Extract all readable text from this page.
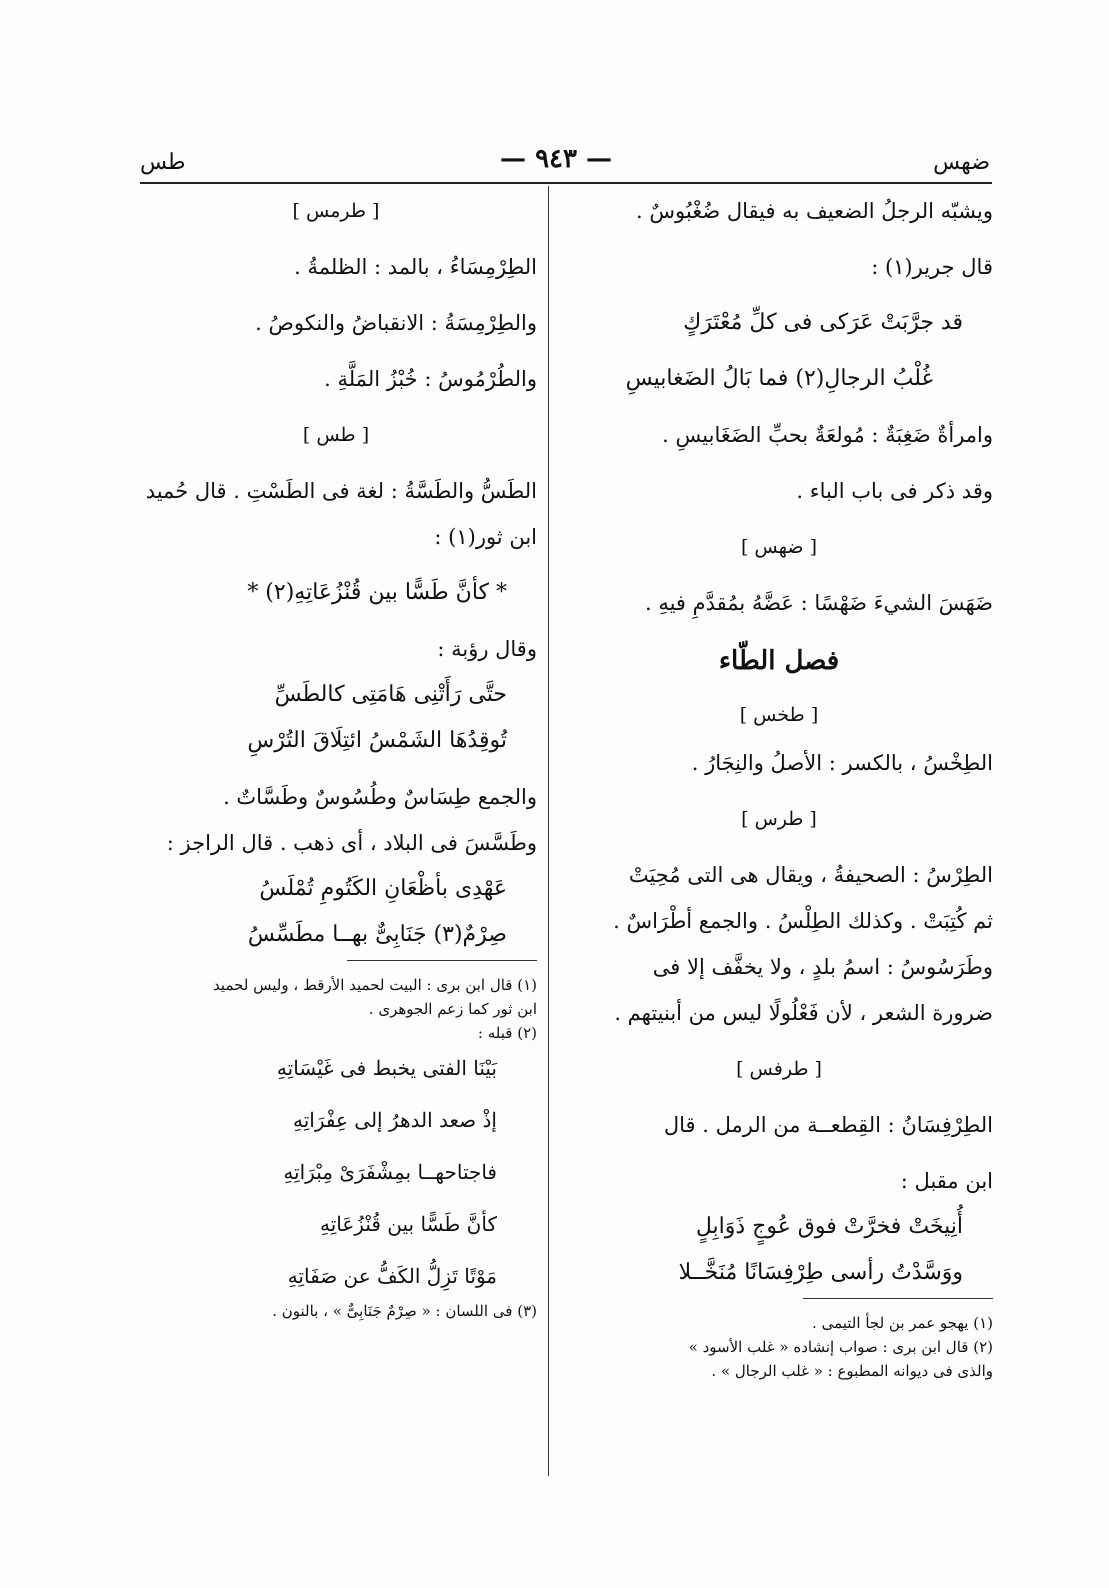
ضهس
— ٩٤٣ —
طس
ويشبّه الرجلُ الضعيف به فيقال ضُغْبُوسٌ .
قال جرير(١) :
قد جرَّبَتْ عَرَكى فى كلِّ مُعْتَرَكٍ
غُلْبُ الرجالِ(٢) فما بَالُ الضَغابيسِ
وامرأةٌ ضَغِبَةٌ : مُولعَةٌ بحبِّ الضَغَابيسِ .
وقد ذكر فى باب الباء .
[ ضهس ]
ضَهَسَ الشيءَ ضَهْسًا : عَضَّهُ بمُقدَّمِ فيهِ .
فصل الطّاء
[ طخس ]
الطِخْسُ ، بالكسر : الأصلُ والنِجَارُ .
[ طرس ]
الطِرْسُ : الصحيفةُ ، ويقال هى التى مُحِيَتْ
ثم كُتِبَتْ . وكذلك الطِلْسُ . والجمع أطْرَاسٌ .
وطَرَسُوسُ : اسمُ بلدٍ ، ولا يخفَّف إلا فى
ضرورة الشعر ، لأن فَعْلُولًا ليس من أبنيتهم .
[ طرفس ]
الطِرْفِسَانُ : القِطعــة من الرمل . قال
ابن مقبل :
أُنِيخَتْ فخرَّتْ فوق عُوجٍ ذَوَابِلٍ
ووَسَّدْتُ رأسى طِرْفِسَانًا مُنَخَّــلا
(١) يهجو عمر بن لجأ التيمى .
(٢) قال ابن برى : صواب إنشاده « غلب الأسود »
والذى فى ديوانه المطبوع : « غلب الرجال » .
[ طرمس ]
الطِرْمِسَاءُ ، بالمد : الظلمةُ .
والطِرْمِسَةُ : الانقباضُ والنكوصُ .
والطُرْمُوسُ : خُبْزُ المَلَّةِ .
[ طس ]
الطَسُّ والطَسَّةُ : لغة فى الطَسْتِ . قال حُميد
ابن ثور(١) :
* كأنَّ طَسًّا بين قُنْزُعَاتِهِ(٢) *
وقال رؤبة :
حتَّى رَأَتْنِى هَامَتِى كالطَسِّ
تُوقِدُهَا الشَمْسُ ائتِلَاقَ التُرْسِ
والجمع طِسَاسٌ وطُسُوسٌ وطَسَّاتٌ .
وطَسَّسَ فى البلاد ، أى ذهب . قال الراجز :
عَهْدِى بأظْعَانِ الكَتُومِ تُمْلَسُ
صِرْمٌ(٣) جَنَابِىٌّ بهــا مطَسِّسُ
(١) قال ابن برى : البيت لحميد الأرقط ، وليس لحميد
ابن ثور كما زعم الجوهرى .
(٢) قبله :
بَيْنَا الفتى يخبط فى غَيْسَاتِهِ
إذْ صعد الدهرُ إلى عِفْرَاتِهِ
فاجتاحهــا بمِشْفَرَىْ مِبْرَاتِهِ
كأنَّ طَسًّا بين قُنْزُعَاتِهِ
مَوْتًا تَزِلُّ الكَفُّ عن صَفَاتِهِ
(٣) فى اللسان : « صِرْمٌ جَنَابِىٌّ » ، بالنون .
